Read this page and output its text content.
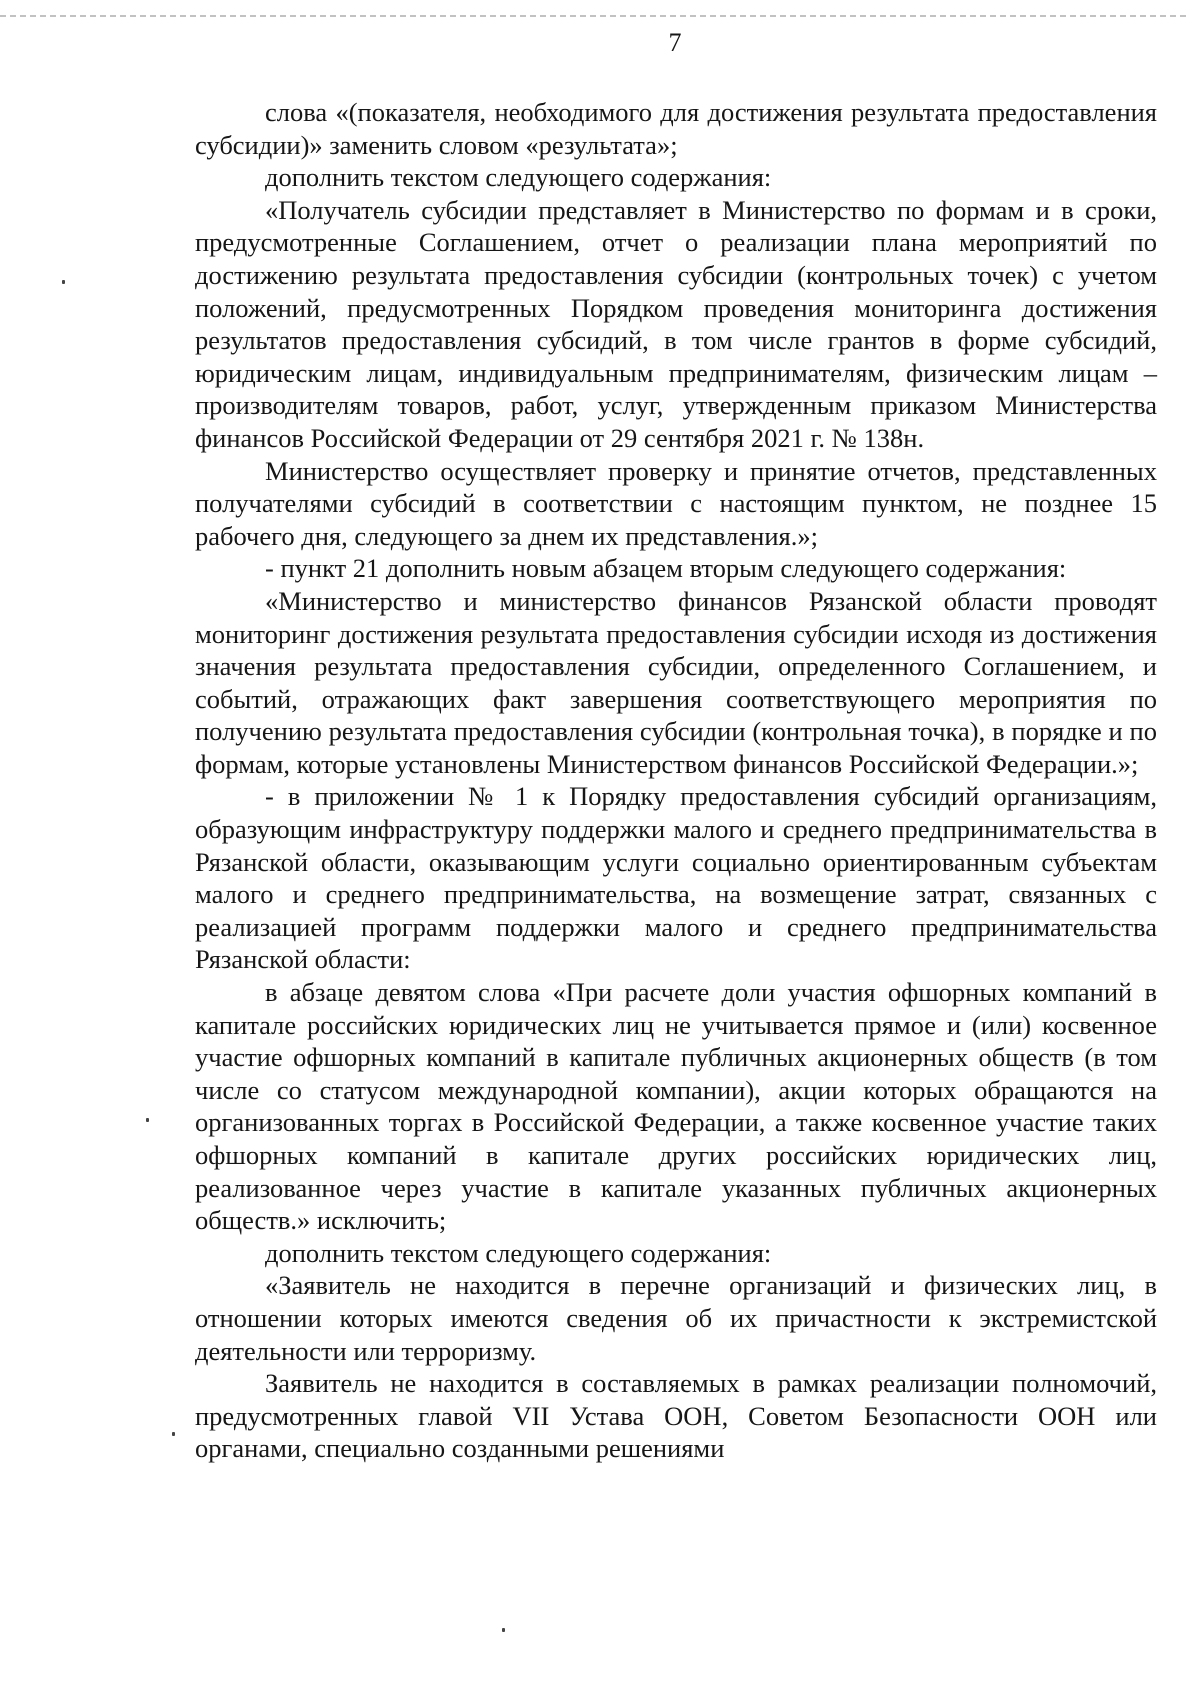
7

слова «(показателя, необходимого для достижения результата предоставления субсидии)» заменить словом «результата»;

дополнить текстом следующего содержания:

«Получатель субсидии представляет в Министерство по формам и в сроки, предусмотренные Соглашением, отчет о реализации плана мероприятий по достижению результата предоставления субсидии (контрольных точек) с учетом положений, предусмотренных Порядком проведения мониторинга достижения результатов предоставления субсидий, в том числе грантов в форме субсидий, юридическим лицам, индивидуальным предпринимателям, физическим лицам – производителям товаров, работ, услуг, утвержденным приказом Министерства финансов Российской Федерации от 29 сентября 2021 г. № 138н.

Министерство осуществляет проверку и принятие отчетов, представленных получателями субсидий в соответствии с настоящим пунктом, не позднее 15 рабочего дня, следующего за днем их представления.»;

- пункт 21 дополнить новым абзацем вторым следующего содержания:

«Министерство и министерство финансов Рязанской области проводят мониторинг достижения результата предоставления субсидии исходя из достижения значения результата предоставления субсидии, определенного Соглашением, и событий, отражающих факт завершения соответствующего мероприятия по получению результата предоставления субсидии (контрольная точка), в порядке и по формам, которые установлены Министерством финансов Российской Федерации.»;

- в приложении № 1 к Порядку предоставления субсидий организациям, образующим инфраструктуру поддержки малого и среднего предпринимательства в Рязанской области, оказывающим услуги социально ориентированным субъектам малого и среднего предпринимательства, на возмещение затрат, связанных с реализацией программ поддержки малого и среднего предпринимательства Рязанской области:

в абзаце девятом слова «При расчете доли участия офшорных компаний в капитале российских юридических лиц не учитывается прямое и (или) косвенное участие офшорных компаний в капитале публичных акционерных обществ (в том числе со статусом международной компании), акции которых обращаются на организованных торгах в Российской Федерации, а также косвенное участие таких офшорных компаний в капитале других российских юридических лиц, реализованное через участие в капитале указанных публичных акционерных обществ.» исключить;

дополнить текстом следующего содержания:

«Заявитель не находится в перечне организаций и физических лиц, в отношении которых имеются сведения об их причастности к экстремистской деятельности или терроризму.

Заявитель не находится в составляемых в рамках реализации полномочий, предусмотренных главой VII Устава ООН, Советом Безопасности ООН или органами, специально созданными решениями
